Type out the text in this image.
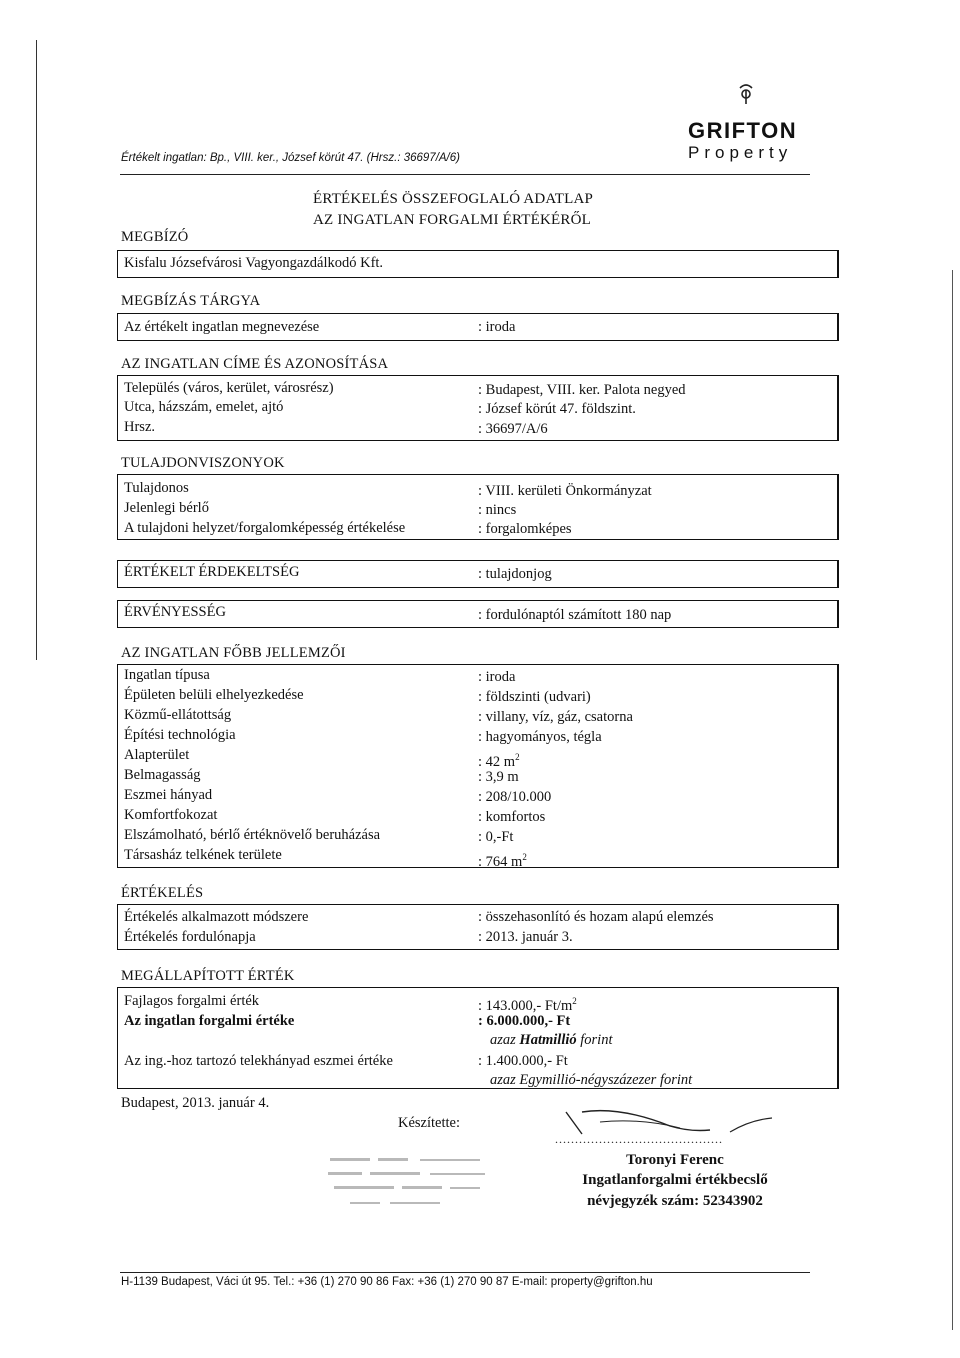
Értékelt ingatlan: Bp., VIII. ker., József körút 47. (Hrsz.: 36697/A/6)
GRIFTON
Property
ÉRTÉKELÉS ÖSSZEFOGLALÓ ADATLAP
AZ INGATLAN FORGALMI ÉRTÉKÉRŐL
MEGBÍZÓ
Kisfalu Józsefvárosi Vagyongazdálkodó Kft.
MEGBÍZÁS TÁRGYA
Az értékelt ingatlan megnevezése	: iroda
AZ INGATLAN CÍME ÉS AZONOSÍTÁSA
Település (város, kerület, városrész)	: Budapest, VIII. ker. Palota negyed
Utca, házszám, emelet, ajtó	: József körút 47. földszint.
Hrsz.	: 36697/A/6
TULAJDONVISZONYOK
Tulajdonos	: VIII. kerületi Önkormányzat
Jelenlegi bérlő	: nincs
A tulajdoni helyzet/forgalomképesség értékelése	: forgalomképes
ÉRTÉKELT ÉRDEKELTSÉG	: tulajdonjog
ÉRVÉNYESSÉG	: fordulónaptól számított 180 nap
AZ INGATLAN FŐBB JELLEMZŐI
Ingatlan típusa	: iroda
Épületen belüli elhelyezkedése	: földszinti (udvari)
Közmű-ellátottság	: villany, víz, gáz, csatorna
Építési technológia	: hagyományos, tégla
Alapterület	: 42 $m^2$
Belmagasság	: 3,9 m
Eszmei hányad	: 208/10.000
Komfortfokozat	: komfortos
Elszámolható, bérlő értéknövelő beruházása	: 0,-Ft
Társasház telkének területe	: 764 $m^2$
ÉRTÉKELÉS
Értékelés alkalmazott módszere	: összehasonlító és hozam alapú elemzés
Értékelés fordulónapja	: 2013. január 3.
MEGÁLLAPÍTOTT ÉRTÉK
Fajlagos forgalmi érték	: 143.000,- $Ft/m^2$
Az ingatlan forgalmi értéke	: 6.000.000,- Ft
azaz Hatmillió forint
Az ing.-hoz tartozó telekhányad eszmei értéke	: 1.400.000,- Ft
azaz Egymillió-négyszázezer forint
Budapest, 2013. január 4.
Készítette:
..........................................
Toronyi Ferenc
Ingatlanforgalmi értékbecslő
névjegyzék szám: 52343902
H-1139 Budapest, Váci út 95. Tel.: +36 (1) 270 90 86 Fax: +36 (1) 270 90 87 E-mail: property@grifton.hu
